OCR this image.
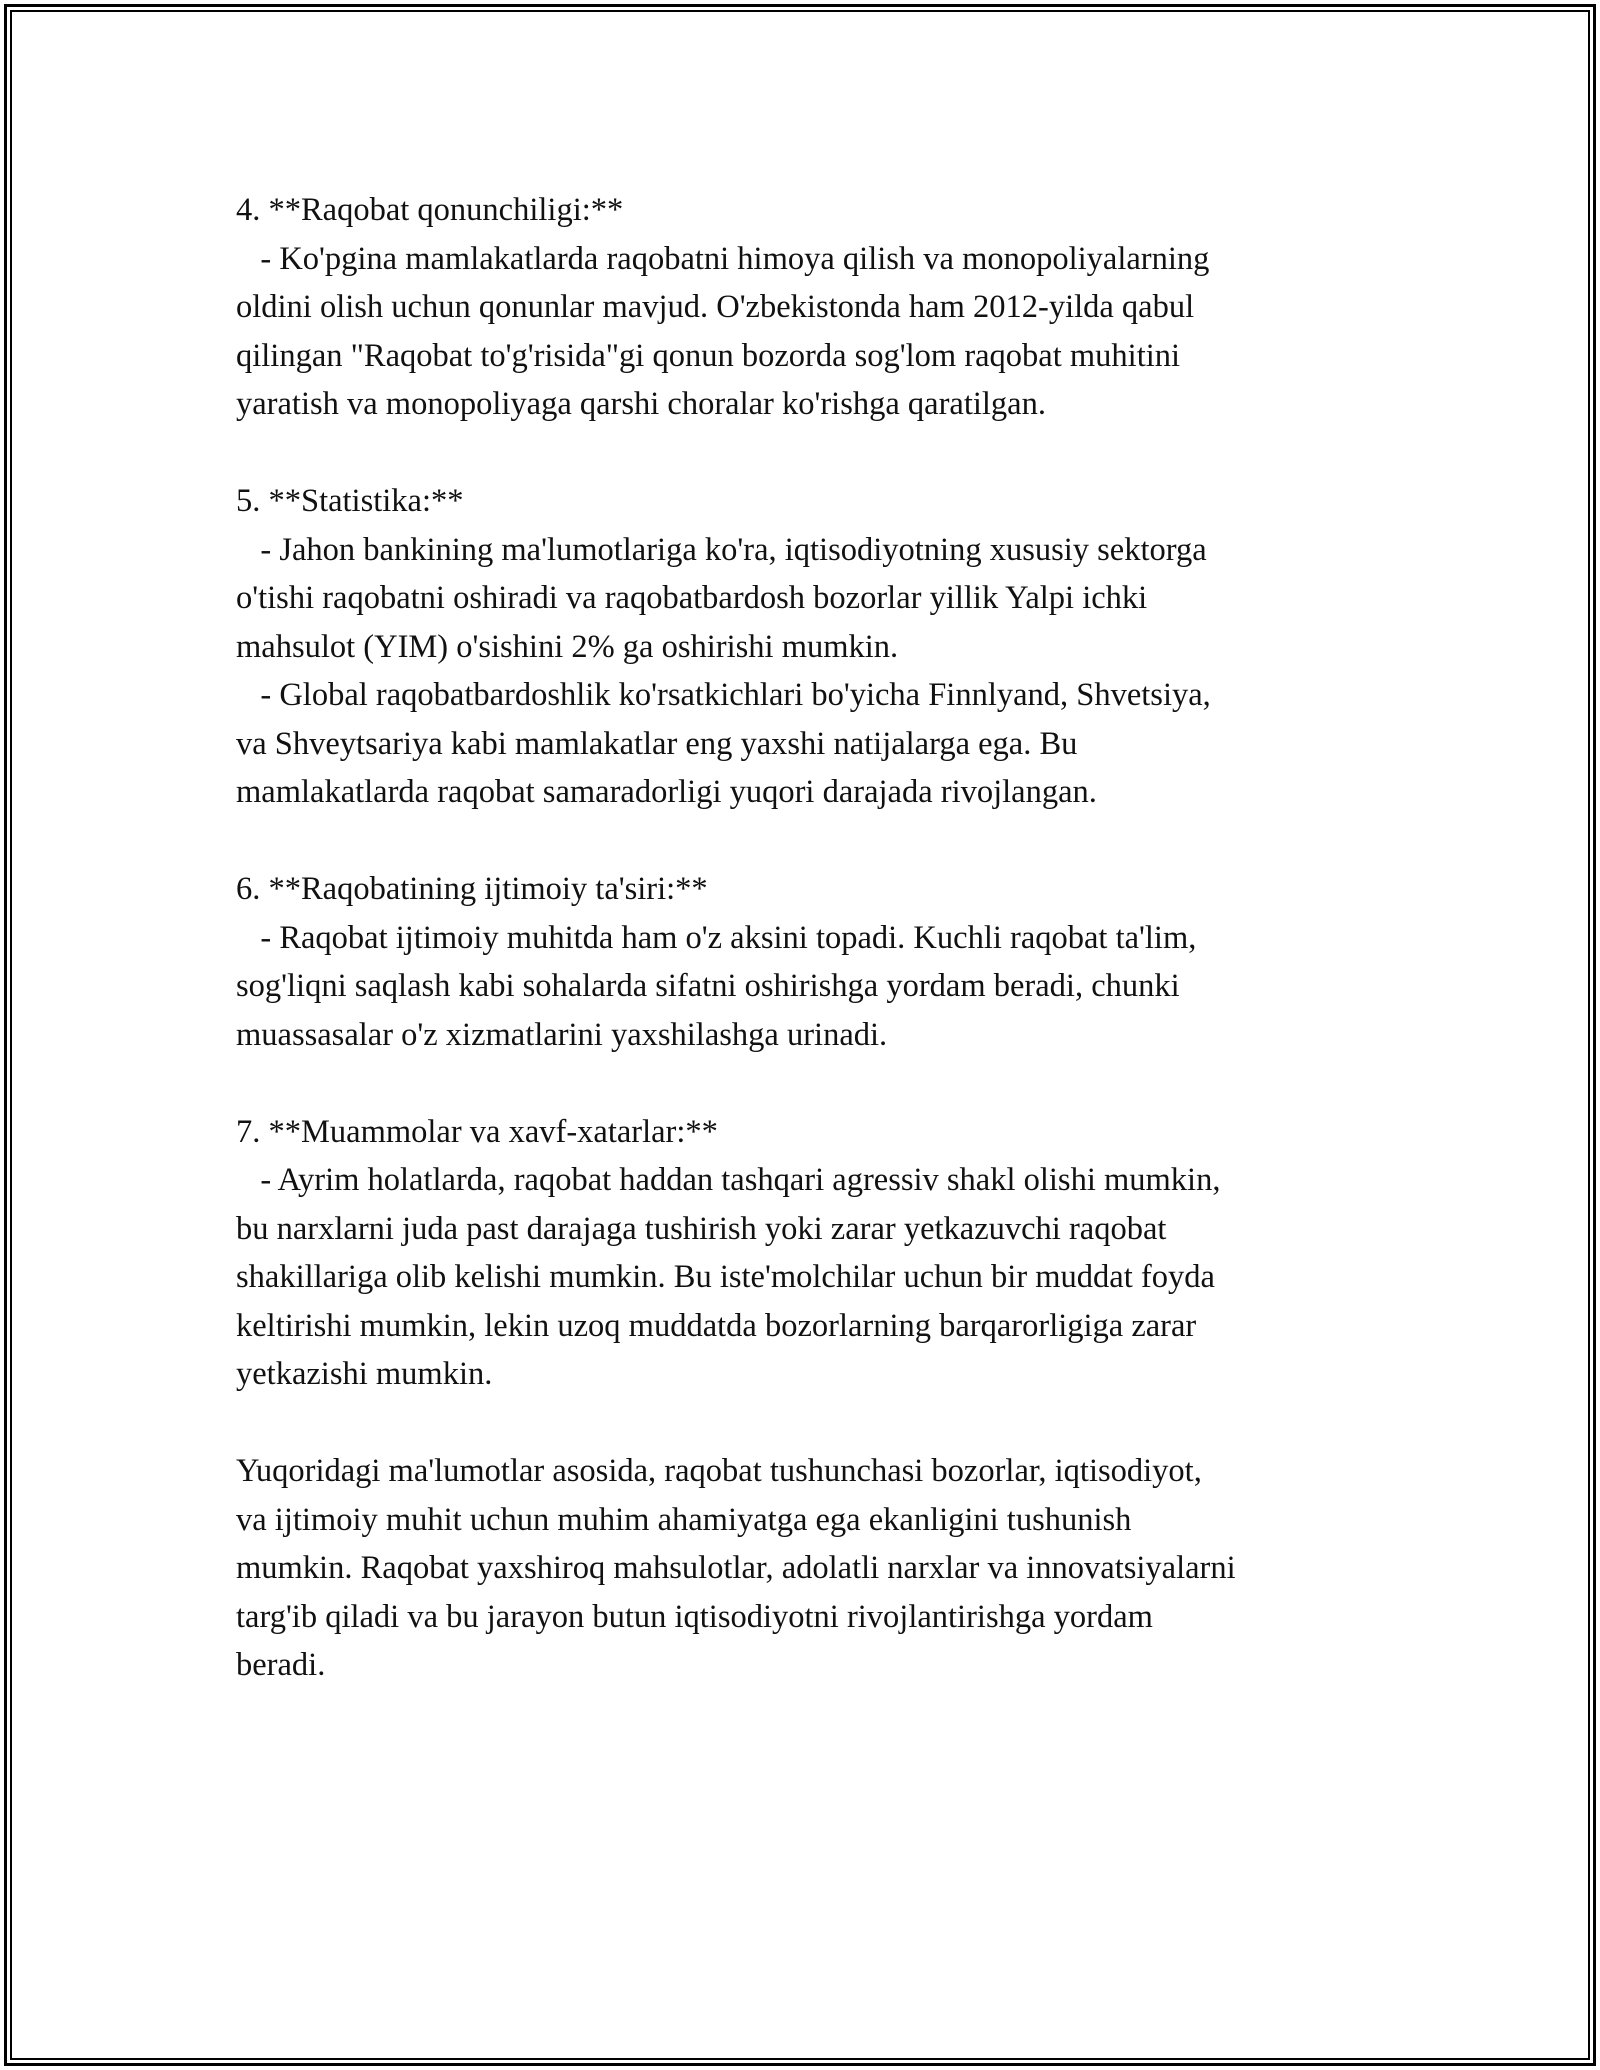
4. **Raqobat qonunchiligi:**
- Ko'pgina mamlakatlarda raqobatni himoya qilish va monopoliyalarning
oldini olish uchun qonunlar mavjud. O'zbekistonda ham 2012-yilda qabul
qilingan "Raqobat to'g'risida"gi qonun bozorda sog'lom raqobat muhitini
yaratish va monopoliyaga qarshi choralar ko'rishga qaratilgan.
5. **Statistika:**
- Jahon bankining ma'lumotlariga ko'ra, iqtisodiyotning xususiy sektorga
o'tishi raqobatni oshiradi va raqobatbardosh bozorlar yillik Yalpi ichki
mahsulot (YIM) o'sishini 2% ga oshirishi mumkin.
- Global raqobatbardoshlik ko'rsatkichlari bo'yicha Finnlyand, Shvetsiya,
va Shveytsariya kabi mamlakatlar eng yaxshi natijalarga ega. Bu
mamlakatlarda raqobat samaradorligi yuqori darajada rivojlangan.
6. **Raqobatining ijtimoiy ta'siri:**
- Raqobat ijtimoiy muhitda ham o'z aksini topadi. Kuchli raqobat ta'lim,
sog'liqni saqlash kabi sohalarda sifatni oshirishga yordam beradi, chunki
muassasalar o'z xizmatlarini yaxshilashga urinadi.
7. **Muammolar va xavf-xatarlar:**
- Ayrim holatlarda, raqobat haddan tashqari agressiv shakl olishi mumkin,
bu narxlarni juda past darajaga tushirish yoki zarar yetkazuvchi raqobat
shakillariga olib kelishi mumkin. Bu iste'molchilar uchun bir muddat foyda
keltirishi mumkin, lekin uzoq muddatda bozorlarning barqarorligiga zarar
yetkazishi mumkin.
Yuqoridagi ma'lumotlar asosida, raqobat tushunchasi bozorlar, iqtisodiyot,
va ijtimoiy muhit uchun muhim ahamiyatga ega ekanligini tushunish
mumkin. Raqobat yaxshiroq mahsulotlar, adolatli narxlar va innovatsiyalarni
targ'ib qiladi va bu jarayon butun iqtisodiyotni rivojlantirishga yordam
beradi.
